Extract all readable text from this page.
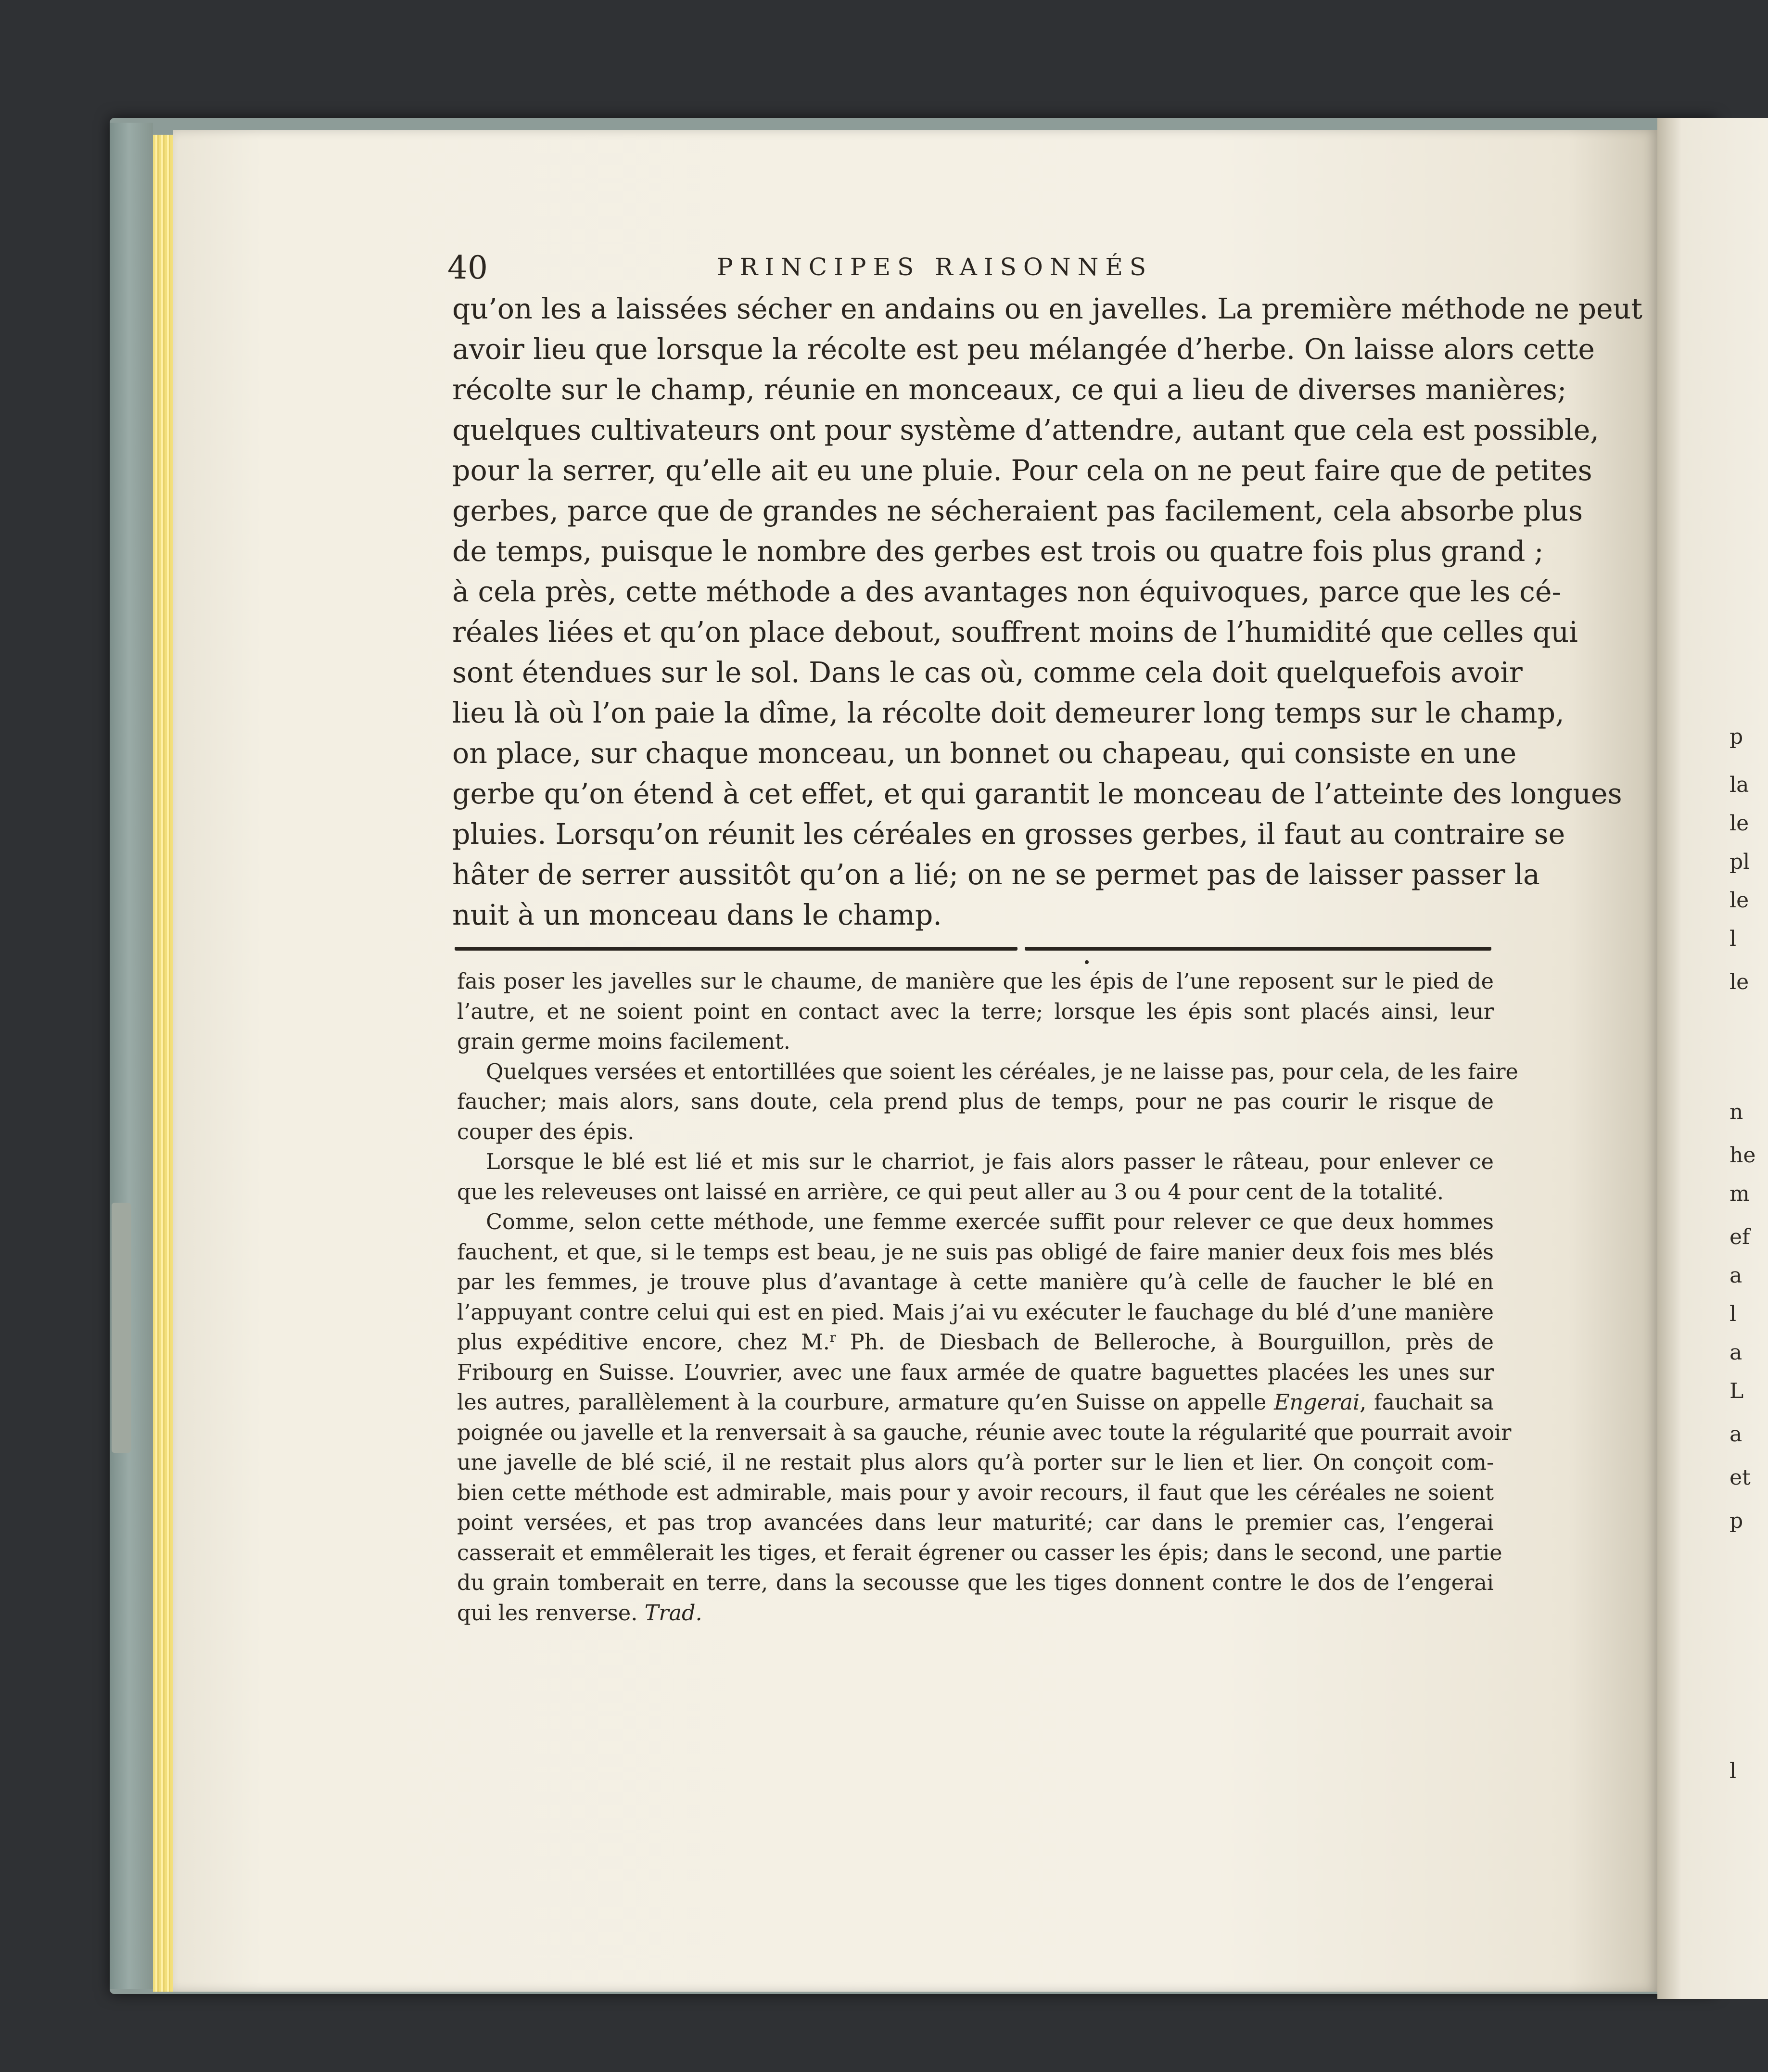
p
la
le
pl
le
l
le
n
he
m
ef
a
l
a
L
a
et
p
l
40	PRINCIPES RAISONNÉS
qu’on les a laissées sécher en andains ou en javelles. La première méthode ne peut
avoir lieu que lorsque la récolte est peu mélangée d’herbe. On laisse alors cette
récolte sur le champ, réunie en monceaux, ce qui a lieu de diverses manières;
quelques cultivateurs ont pour système d’attendre, autant que cela est possible,
pour la serrer, qu’elle ait eu une pluie. Pour cela on ne peut faire que de petites
gerbes, parce que de grandes ne sécheraient pas facilement, cela absorbe plus
de temps, puisque le nombre des gerbes est trois ou quatre fois plus grand ;
à cela près, cette méthode a des avantages non équivoques, parce que les cé-
réales liées et qu’on place debout, souffrent moins de l’humidité que celles qui
sont étendues sur le sol. Dans le cas où, comme cela doit quelquefois avoir
lieu là où l’on paie la dîme, la récolte doit demeurer long temps sur le champ,
on place, sur chaque monceau, un bonnet ou chapeau, qui consiste en une
gerbe qu’on étend à cet effet, et qui garantit le monceau de l’atteinte des longues
pluies. Lorsqu’on réunit les céréales en grosses gerbes, il faut au contraire se
hâter de serrer aussitôt qu’on a lié; on ne se permet pas de laisser passer la
nuit à un monceau dans le champ.
fais poser les javelles sur le chaume, de manière que les épis de l’une reposent sur le pied de
l’autre, et ne soient point en contact avec la terre; lorsque les épis sont placés ainsi, leur
grain germe moins facilement.
Quelques versées et entortillées que soient les céréales, je ne laisse pas, pour cela, de les faire
faucher; mais alors, sans doute, cela prend plus de temps, pour ne pas courir le risque de
couper des épis.
Lorsque le blé est lié et mis sur le charriot, je fais alors passer le râteau, pour enlever ce
que les releveuses ont laissé en arrière, ce qui peut aller au 3 ou 4 pour cent de la totalité.
Comme, selon cette méthode, une femme exercée suffit pour relever ce que deux hommes
fauchent, et que, si le temps est beau, je ne suis pas obligé de faire manier deux fois mes blés
par les femmes, je trouve plus d’avantage à cette manière qu’à celle de faucher le blé en
l’appuyant contre celui qui est en pied. Mais j’ai vu exécuter le fauchage du blé d’une manière
plus expéditive encore, chez M.$^r$ Ph. de Diesbach de Belleroche, à Bourguillon, près de
Fribourg en Suisse. L’ouvrier, avec une faux armée de quatre baguettes placées les unes sur
les autres, parallèlement à la courbure, armature qu’en Suisse on appelle Engerai, fauchait sa
poignée ou javelle et la renversait à sa gauche, réunie avec toute la régularité que pourrait avoir
une javelle de blé scié, il ne restait plus alors qu’à porter sur le lien et lier. On conçoit com-
bien cette méthode est admirable, mais pour y avoir recours, il faut que les céréales ne soient
point versées, et pas trop avancées dans leur maturité; car dans le premier cas, l’engerai
casserait et emmêlerait les tiges, et ferait égrener ou casser les épis; dans le second, une partie
du grain tomberait en terre, dans la secousse que les tiges donnent contre le dos de l’engerai
qui les renverse. Trad.
